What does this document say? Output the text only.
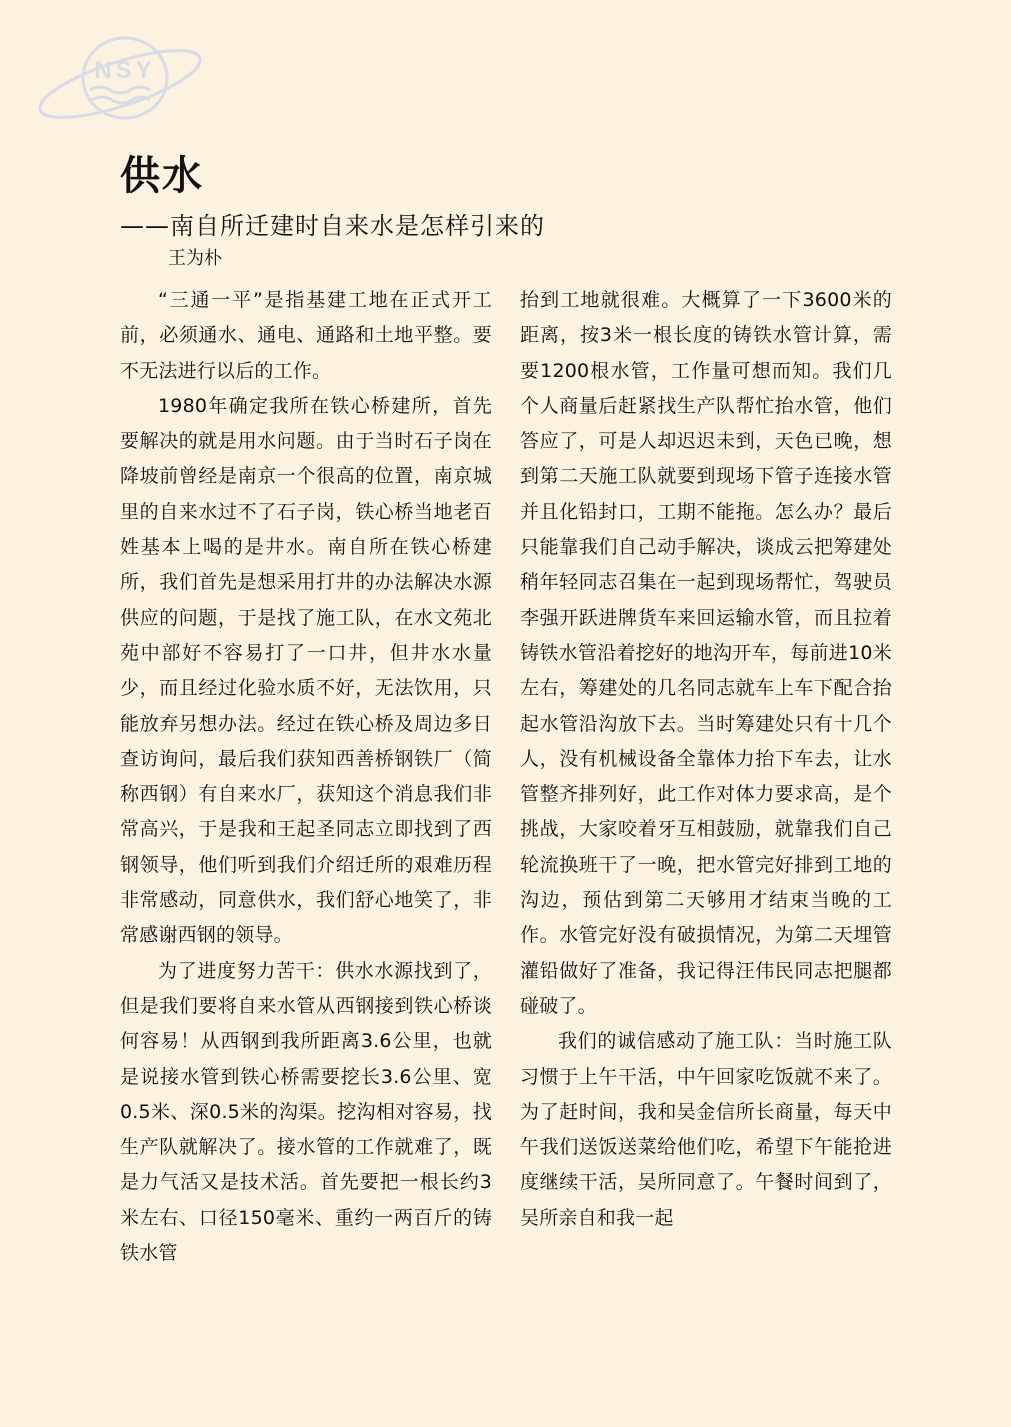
NSY
供水

——南自所迁建时自来水是怎样引来的

王为朴

“三通一平”是指基建工地在正式开工前，必须通水、通电、通路和土地平整。要不无法进行以后的工作。

1980年确定我所在铁心桥建所，首先要解决的就是用水问题。由于当时石子岗在降坡前曾经是南京一个很高的位置，南京城里的自来水过不了石子岗，铁心桥当地老百姓基本上喝的是井水。南自所在铁心桥建所，我们首先是想采用打井的办法解决水源供应的问题，于是找了施工队，在水文苑北苑中部好不容易打了一口井，但井水水量少，而且经过化验水质不好，无法饮用，只能放弃另想办法。经过在铁心桥及周边多日查访询问，最后我们获知西善桥钢铁厂（简称西钢）有自来水厂，获知这个消息我们非常高兴，于是我和王起圣同志立即找到了西钢领导，他们听到我们介绍迁所的艰难历程非常感动，同意供水，我们舒心地笑了，非常感谢西钢的领导。

为了进度努力苦干：供水水源找到了，但是我们要将自来水管从西钢接到铁心桥谈何容易！从西钢到我所距离3.6公里，也就是说接水管到铁心桥需要挖长3.6公里、宽0.5米、深0.5米的沟渠。挖沟相对容易，找生产队就解决了。接水管的工作就难了，既是力气活又是技术活。首先要把一根长约3米左右、口径150毫米、重约一两百斤的铸铁水管

抬到工地就很难。大概算了一下3600米的距离，按3米一根长度的铸铁水管计算，需要1200根水管，工作量可想而知。我们几个人商量后赶紧找生产队帮忙抬水管，他们答应了，可是人却迟迟未到，天色已晚，想到第二天施工队就要到现场下管子连接水管并且化铅封口，工期不能拖。怎么办？最后只能靠我们自己动手解决，谈成云把筹建处稍年轻同志召集在一起到现场帮忙，驾驶员李强开跃进牌货车来回运输水管，而且拉着铸铁水管沿着挖好的地沟开车，每前进10米左右，筹建处的几名同志就车上车下配合抬起水管沿沟放下去。当时筹建处只有十几个人，没有机械设备全靠体力抬下车去，让水管整齐排列好，此工作对体力要求高，是个挑战，大家咬着牙互相鼓励，就靠我们自己轮流换班干了一晚，把水管完好排到工地的沟边，预估到第二天够用才结束当晚的工作。水管完好没有破损情况，为第二天埋管灌铅做好了准备，我记得汪伟民同志把腿都碰破了。

我们的诚信感动了施工队：当时施工队习惯于上午干活，中午回家吃饭就不来了。为了赶时间，我和吴金信所长商量，每天中午我们送饭送菜给他们吃，希望下午能抢进度继续干活，吴所同意了。午餐时间到了，吴所亲自和我一起
